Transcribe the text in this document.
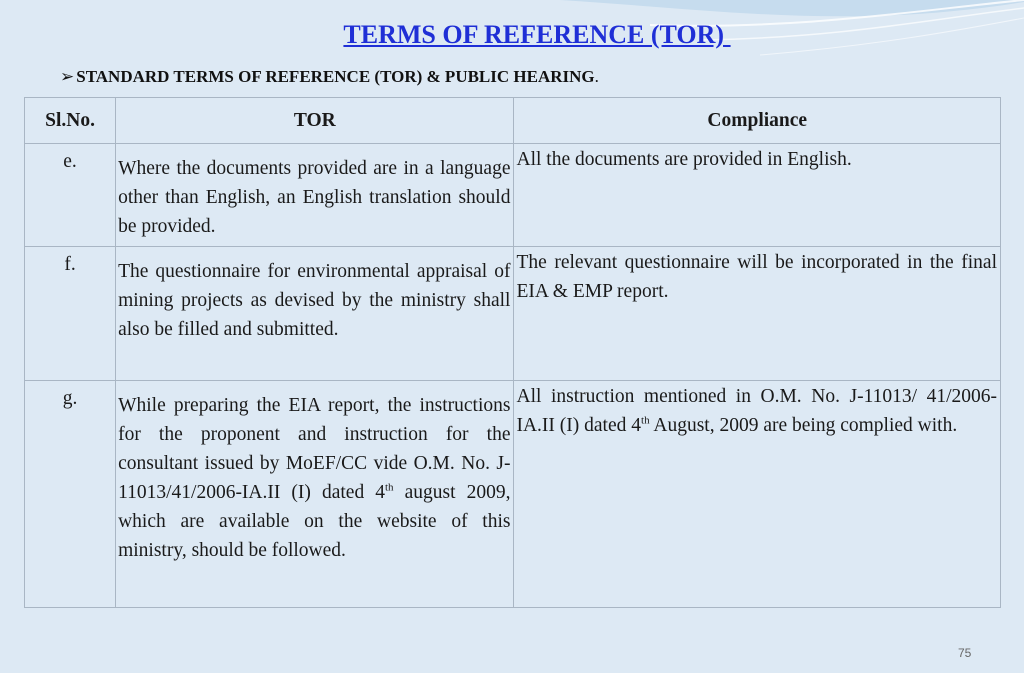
TERMS OF REFERENCE (TOR)
➢ STANDARD TERMS OF REFERENCE (TOR) & PUBLIC HEARING.
Sl.No.	TOR	Compliance
e.	Where the documents provided are in a language other than English, an English translation should be provided.	All the documents are provided in English.
f.	The questionnaire for environmental appraisal of mining projects as devised by the ministry shall also be filled and submitted.	The relevant questionnaire will be incorporated in the final EIA & EMP report.
g.	While preparing the EIA report, the instructions for the proponent and instruction for the consultant issued by MoEF/CC vide O.M. No. J-11013/41/2006-IA.II (I) dated 4th august 2009, which are available on the website of this ministry, should be followed.	All instruction mentioned in O.M. No. J-11013/ 41/2006- IA.II (I) dated 4th August, 2009 are being complied with.
75
